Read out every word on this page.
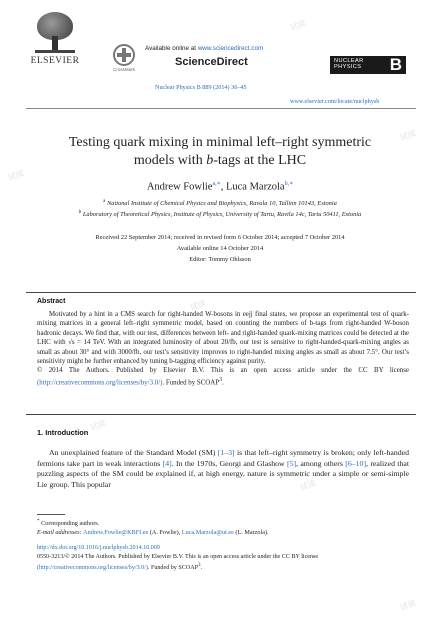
ELSEVIER
CrossMark
Available online at www.sciencedirect.com
ScienceDirect
Nuclear Physics B 889 (2014) 36–45
NUCLEAR
PHYSICS B
www.elsevier.com/locate/nuclphysb
Testing quark mixing in minimal left–right symmetric
models with b-tags at the LHC
Andrew Fowlie$^{a,∗}$, Luca Marzola$^{b,∗}$
$^a$ National Institute of Chemical Physics and Biophysics, Ravala 10, Tallinn 10143, Estonia
$^b$ Laboratory of Theoretical Physics, Institute of Physics, University of Tartu, Ravila 14c, Tartu 50411, Estonia
Received 22 September 2014; received in revised form 6 October 2014; accepted 7 October 2014
Available online 14 October 2014
Editor: Tommy Ohlsson
Abstract
Motivated by a hint in a CMS search for right-handed W-bosons in eejj final states, we propose an experimental test of quark-mixing matrices in a general left–right symmetric model, based on counting the numbers of b-tags from right-handed W-boson hadronic decays. We find that, with our test, differences between left- and right-handed quark-mixing matrices could be detected at the LHC with √s = 14 TeV. With an integrated luminosity of about 20/fb, our test is sensitive to right-handed-quark-mixing angles as small as about 30° and with 3000/fb, our test’s sensitivity improves to right-handed mixing angles as small as about 7.5°. Our test’s sensitivity might be further enhanced by tuning b-tagging efficiency against purity.
© 2014 The Authors. Published by Elsevier B.V. This is an open access article under the CC BY license (http://creativecommons.org/licenses/by/3.0/). Funded by SCOAP$^3$.
1. Introduction
An unexplained feature of the Standard Model (SM) [1–3] is that left–right symmetry is broken; only left-handed fermions take part in weak interactions [4]. In the 1970s, Georgi and Glashow [5], among others [6–10], realized that puzzling aspects of the SM could be explained if, at high energy, nature is symmetric under a simple or semi-simple Lie group. This popular
* Corresponding authors.
E-mail addresses: Andrew.Fowlie@KBFI.ee (A. Fowlie), Luca.Marzola@ut.ee (L. Marzola).
http://dx.doi.org/10.1016/j.nuclphysb.2014.10.009
0550-3213/© 2014 The Authors. Published by Elsevier B.V. This is an open access article under the CC BY license
(http://creativecommons.org/licenses/by/3.0/). Funded by SCOAP$^3$.
试读
试读
试读
试读
试读
试读
试读
